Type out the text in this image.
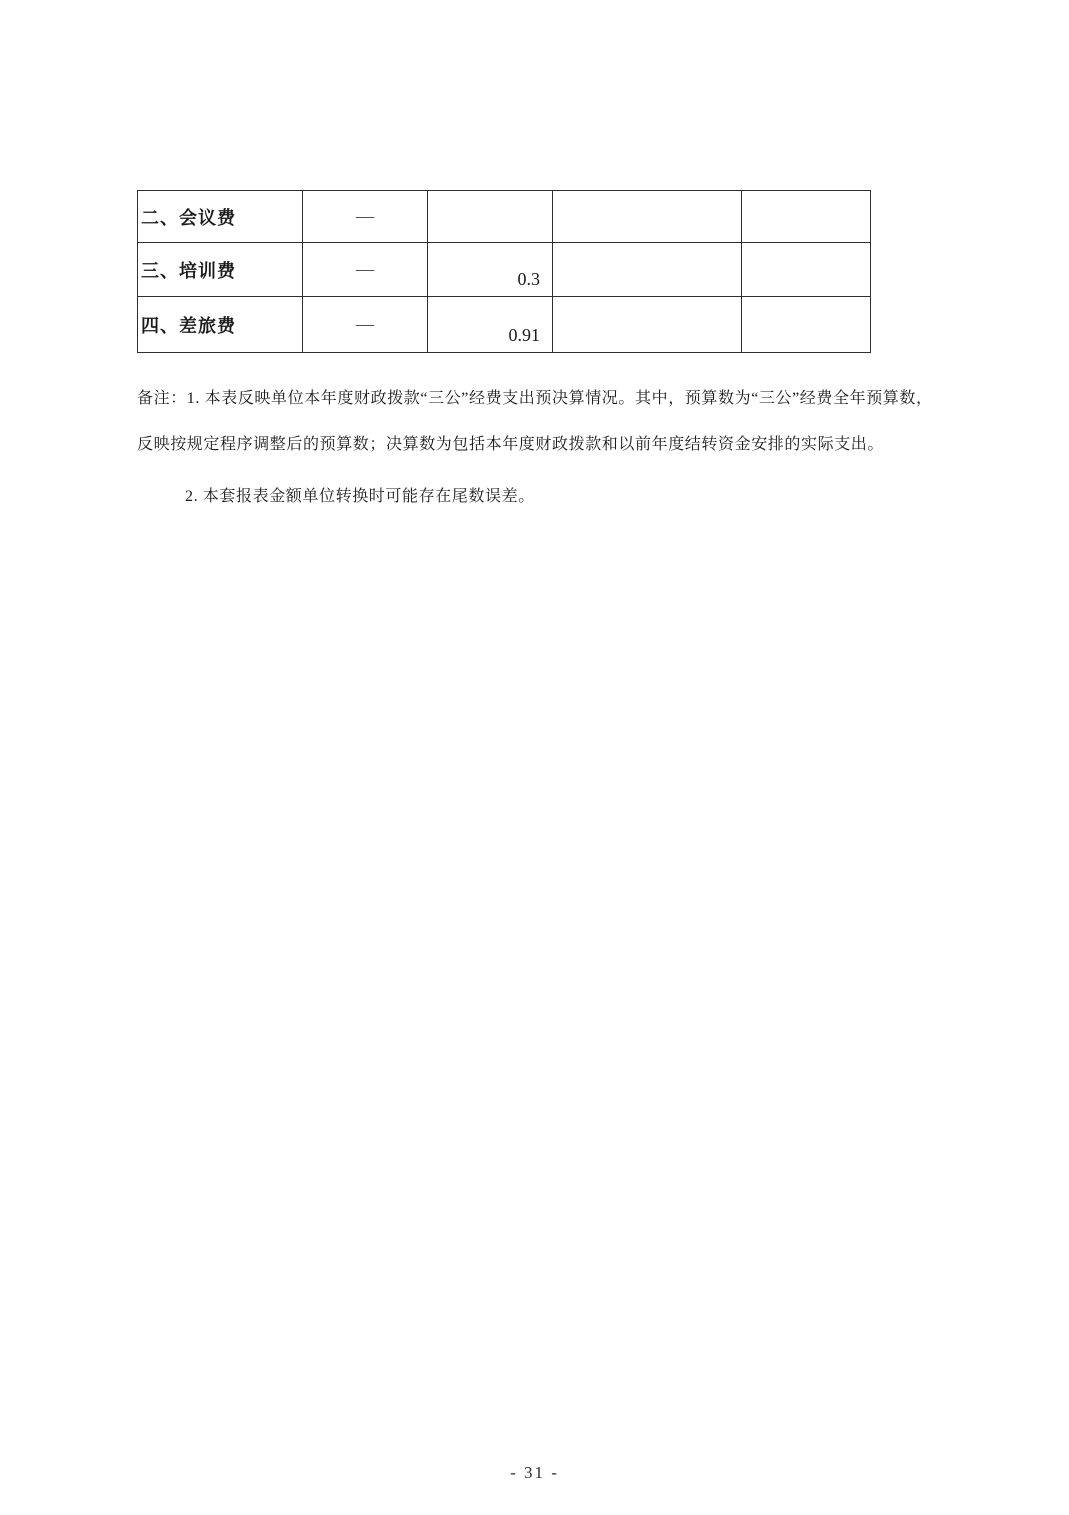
二、会议费	—			
三、培训费	—	0.3		
四、差旅费	—	0.91		
备注：1. 本表反映单位本年度财政拨款“三公”经费支出预决算情况。其中，预算数为“三公”经费全年预算数，
反映按规定程序调整后的预算数；决算数为包括本年度财政拨款和以前年度结转资金安排的实际支出。
2. 本套报表金额单位转换时可能存在尾数误差。
- 31 -
